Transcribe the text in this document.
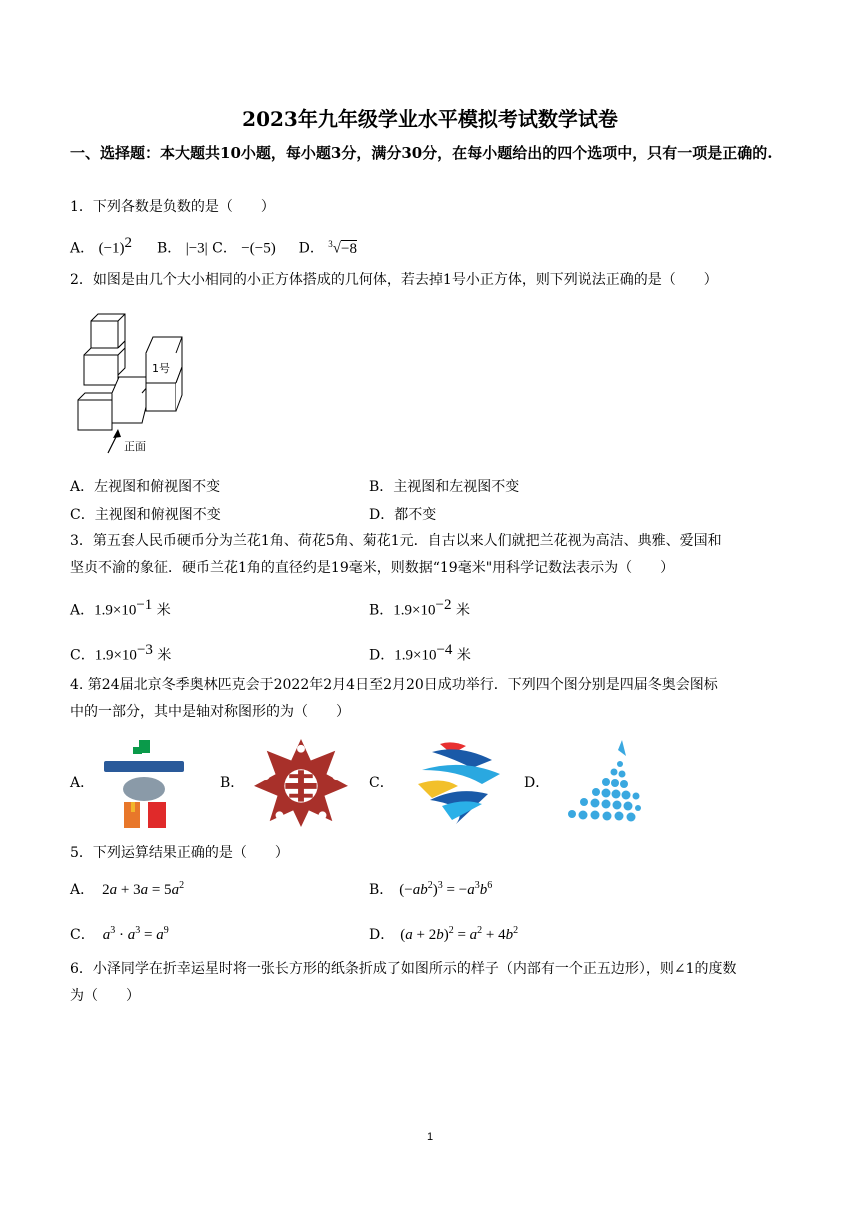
2023年九年级学业水平模拟考试数学试卷
一、选择题：本大题共10小题，每小题3分，满分30分，在每小题给出的四个选项中，只有一项是正确的.
1．下列各数是负数的是（　　）
A． $(-1)^2$ B． |−3| C． −(−5) D． $^3$√−8
2．如图是由几个大小相同的小正方体搭成的几何体，若去掉1号小正方体，则下列说法正确的是（　　）
1号
正面
A．左视图和俯视图不变	B．主视图和左视图不变
C．主视图和俯视图不变	D．都不变
3．第五套人民币硬币分为兰花1角、荷花5角、菊花1元．自古以来人们就把兰花视为高洁、典雅、爱国和
坚贞不渝的象征．硬币兰花1角的直径约是19毫米，则数据“19毫米"用科学记数法表示为（　　）
A．$1.9\times 10^{-1}$ 米	B．$1.9\times 10^{-2}$ 米
C．$1.9\times 10^{-3}$ 米	D．$1.9\times 10^{-4}$ 米
4. 第24届北京冬季奥林匹克会于2022年2月4日至2月20日成功举行．下列四个图分别是四届冬奥会图标
中的一部分，其中是轴对称图形的为（　　）
A．	B．	C．	D．
5．下列运算结果正确的是（　　）
A． $2a + 3a = 5a^2$	B． $(-ab^2)^3 = -a^3b^6$
C． $a^3 \cdot a^3 = a^9$	D． $(a + 2b)^2 = a^2 + 4b^2$
6．小泽同学在折幸运星时将一张长方形的纸条折成了如图所示的样子（内部有一个正五边形），则∠1的度数
为（　　）
1
